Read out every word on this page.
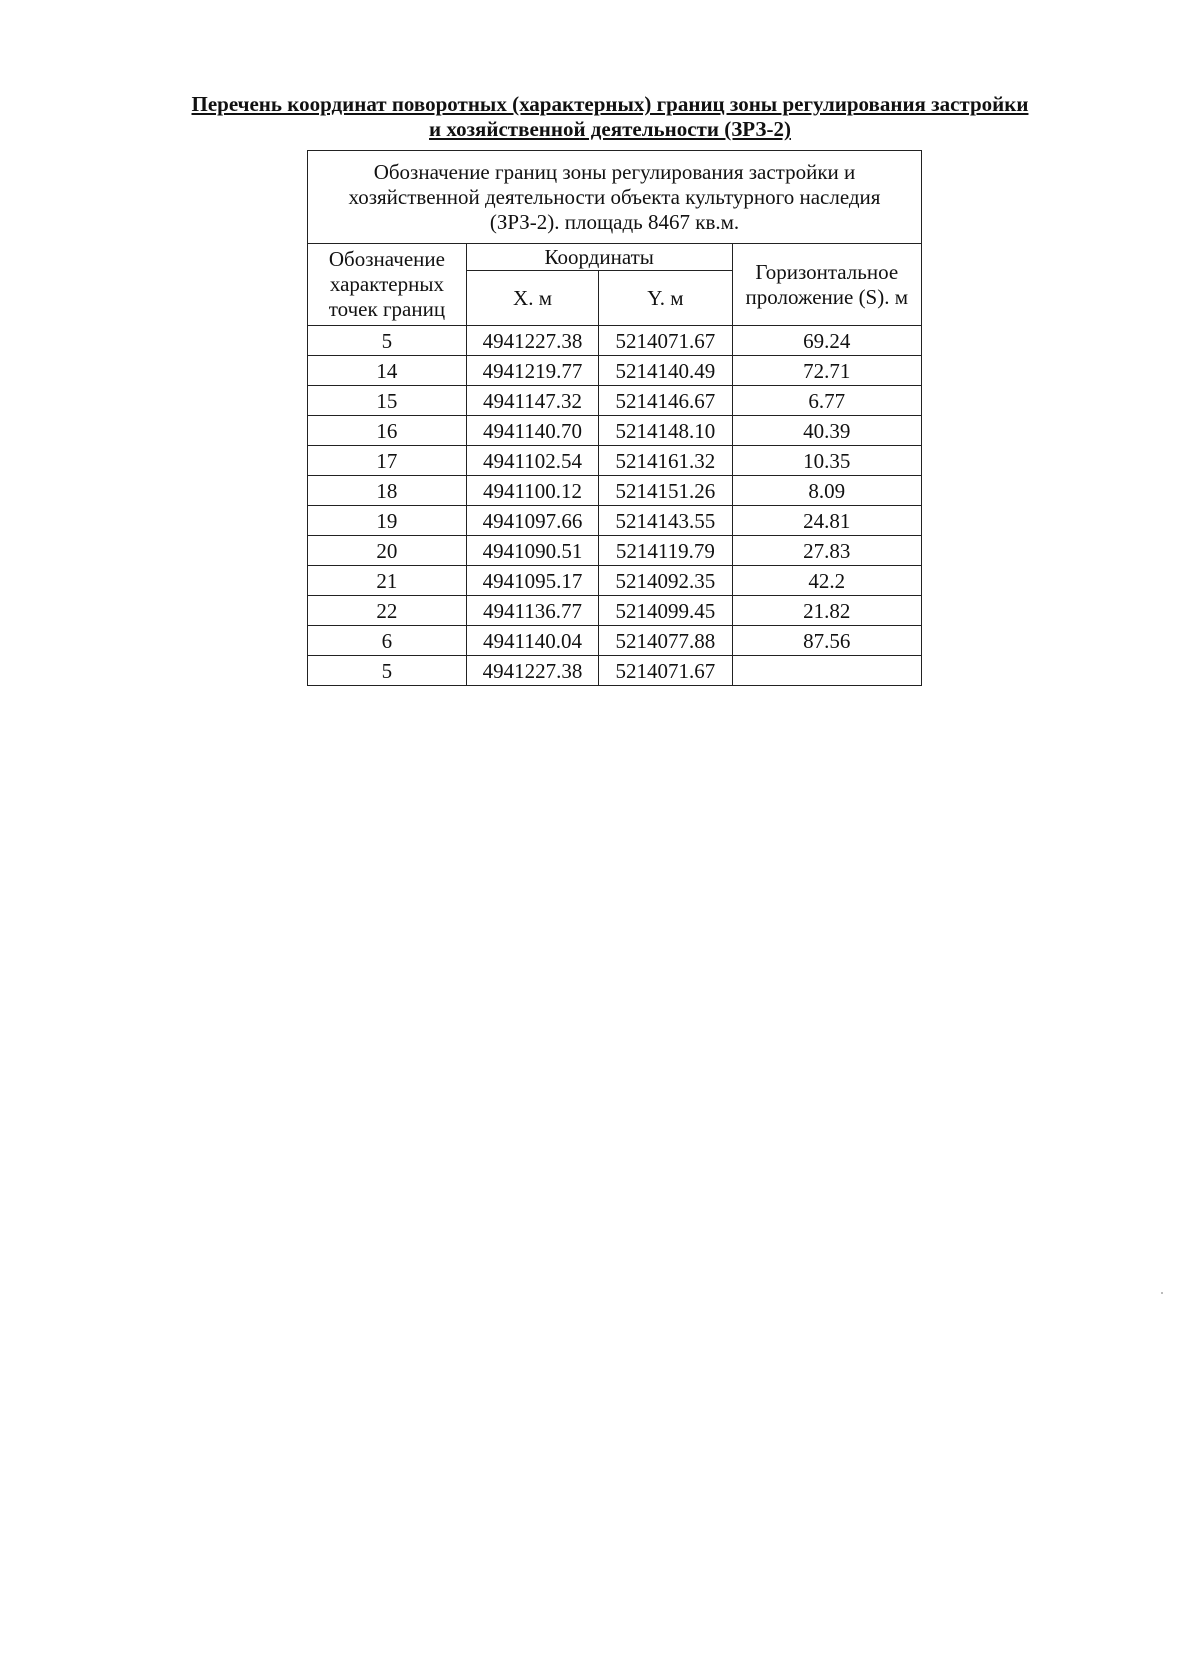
Перечень координат поворотных (характерных) границ зоны регулирования застройки
и хозяйственной деятельности (ЗРЗ-2)
Обозначение границ зоны регулирования застройки и хозяйственной деятельности объекта культурного наследия (ЗРЗ-2). площадь 8467 кв.м.			
Обозначение характерных точек границ	Координаты		Горизонтальное проложение (S). м
	X. м	Y. м	
5	4941227.38	5214071.67	69.24
14	4941219.77	5214140.49	72.71
15	4941147.32	5214146.67	6.77
16	4941140.70	5214148.10	40.39
17	4941102.54	5214161.32	10.35
18	4941100.12	5214151.26	8.09
19	4941097.66	5214143.55	24.81
20	4941090.51	5214119.79	27.83
21	4941095.17	5214092.35	42.2
22	4941136.77	5214099.45	21.82
6	4941140.04	5214077.88	87.56
5	4941227.38	5214071.67	
